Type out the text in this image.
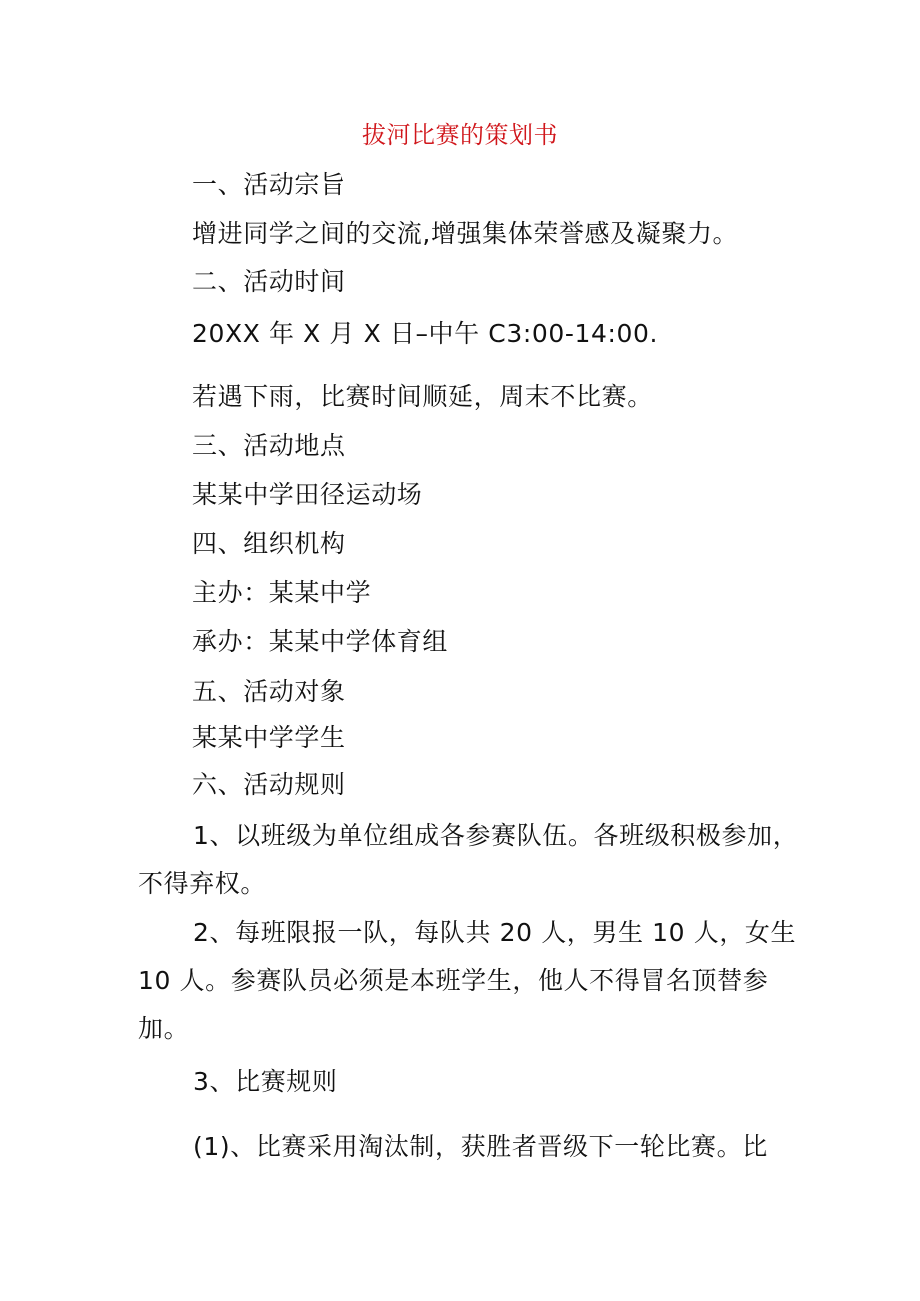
拔河比赛的策划书
一、活动宗旨
增进同学之间的交流,增强集体荣誉感及凝聚力。
二、活动时间
20XX 年 X 月 X 日–中午 C3:00-14:00.
若遇下雨，比赛时间顺延，周末不比赛。
三、活动地点
某某中学田径运动场
四、组织机构
主办：某某中学
承办：某某中学体育组
五、活动对象
某某中学学生
六、活动规则
1、以班级为单位组成各参赛队伍。各班级积极参加，
不得弃权。
2、每班限报一队，每队共 20 人，男生 10 人，女生
10 人。参赛队员必须是本班学生，他人不得冒名顶替参
加。
3、比赛规则
(1)、比赛采用淘汰制，获胜者晋级下一轮比赛。比
